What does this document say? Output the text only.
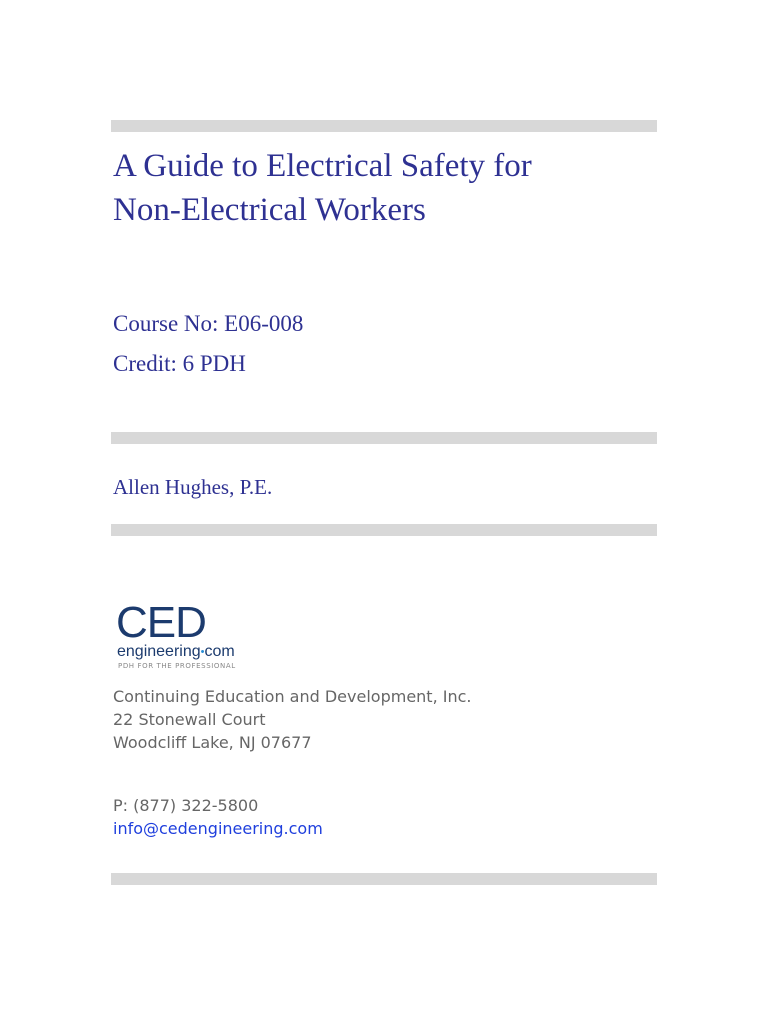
A Guide to Electrical Safety for
Non-Electrical Workers
Course No: E06-008
Credit: 6 PDH
Allen Hughes, P.E.
CED
engineering•com
PDH FOR THE PROFESSIONAL
Continuing Education and Development, Inc.
22 Stonewall Court
Woodcliff Lake, NJ 07677
P: (877) 322-5800
info@cedengineering.com
